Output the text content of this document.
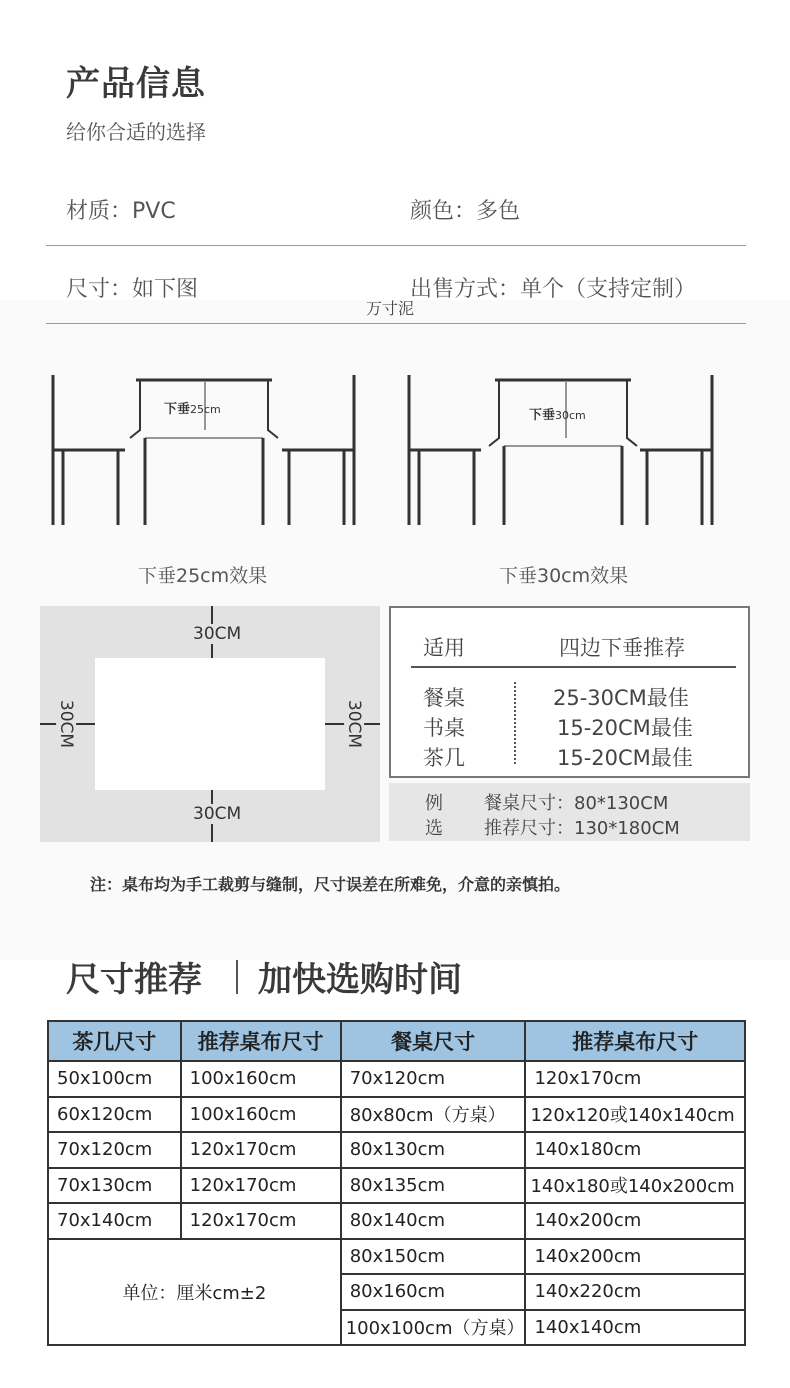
产品信息
给你合适的选择
材质：PVC	颜色：多色
尺寸：如下图	出售方式：单个（支持定制）
万寸泥
下垂25cm	下垂30cm
下垂25cm效果	下垂30cm效果
30CM
30CM
30CM	30CM
适用	四边下垂推荐
餐桌	25-30CM最佳
书桌	15-20CM最佳
茶几	15-20CM最佳
例
选
餐桌尺寸：80*130CM
推荐尺寸：130*180CM
注：桌布均为手工裁剪与缝制，尺寸误差在所难免，介意的亲慎拍。
尺寸推荐 加快选购时间
茶几尺寸	推荐桌布尺寸	餐桌尺寸	推荐桌布尺寸
50x100cm	100x160cm	70x120cm	120x170cm
60x120cm	100x160cm	80x80cm（方桌）	120x120或140x140cm
70x120cm	120x170cm	80x130cm	140x180cm
70x130cm	120x170cm	80x135cm	140x180或140x200cm
70x140cm	120x170cm	80x140cm	140x200cm
单位：厘米cm±2		80x150cm	140x200cm
		80x160cm	140x220cm
		100x100cm（方桌）	140x140cm
